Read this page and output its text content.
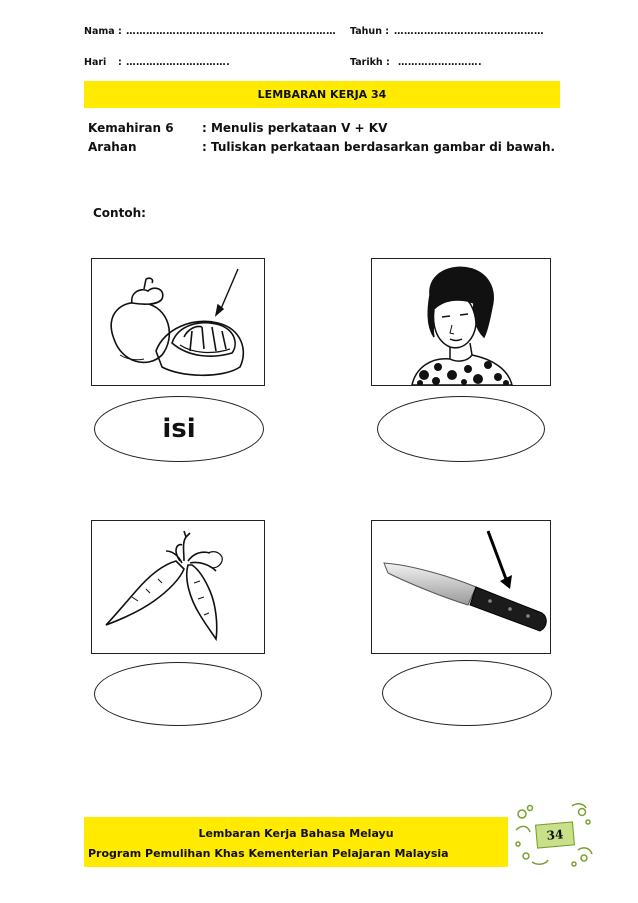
Nama : ……………………………………………………… Tahun : ………………………………………
Hari : ………………………….	Tarikh : …………………….
LEMBARAN KERJA 34
Kemahiran 6 : Menulis perkataan V + KV
Arahan	: Tuliskan perkataan berdasarkan gambar di bawah.
Contoh:
isi
Lembaran Kerja Bahasa Melayu
Program Pemulihan Khas Kementerian Pelajaran Malaysia
34
